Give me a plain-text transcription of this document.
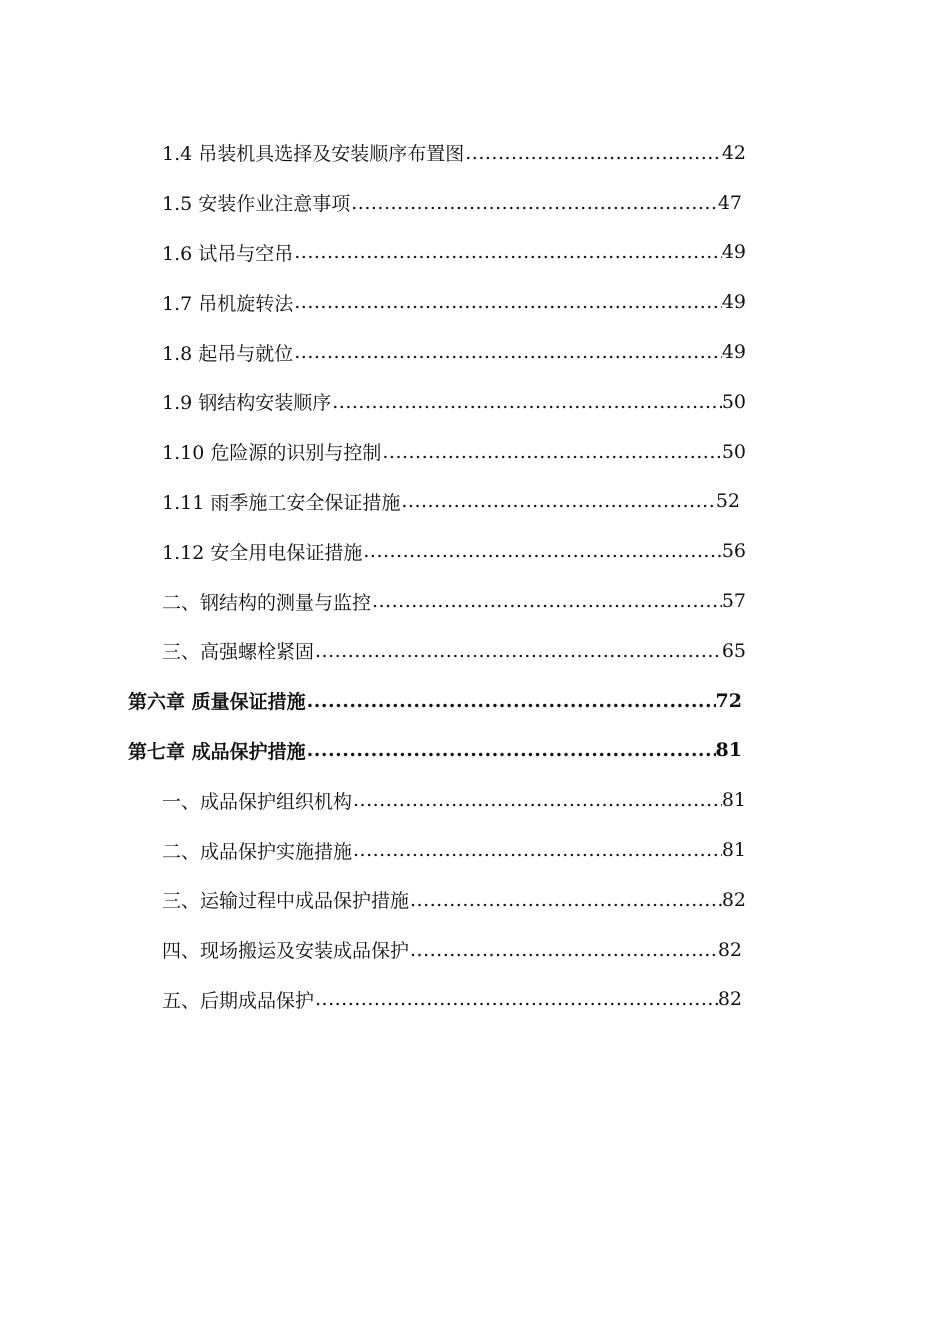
1.4 吊装机具选择及安装顺序布置图 .....	42
1.5 安装作业注意事项 .....	47
1.6 试吊与空吊 .....	49
1.7 吊机旋转法 .....	49
1.8 起吊与就位 .....	49
1.9 钢结构安装顺序 .....	50
1.10 危险源的识别与控制 .....	50
1.11 雨季施工安全保证措施 .....	52
1.12 安全用电保证措施 .....	56
二、钢结构的测量与监控 .....	57
三、高强螺栓紧固 .....	65
第六章 质量保证措施 .....	72
第七章 成品保护措施 .....	81
一、成品保护组织机构 .....	81
二、成品保护实施措施 .....	81
三、运输过程中成品保护措施 .....	82
四、现场搬运及安装成品保护 .....	82
五、后期成品保护 .....	82
